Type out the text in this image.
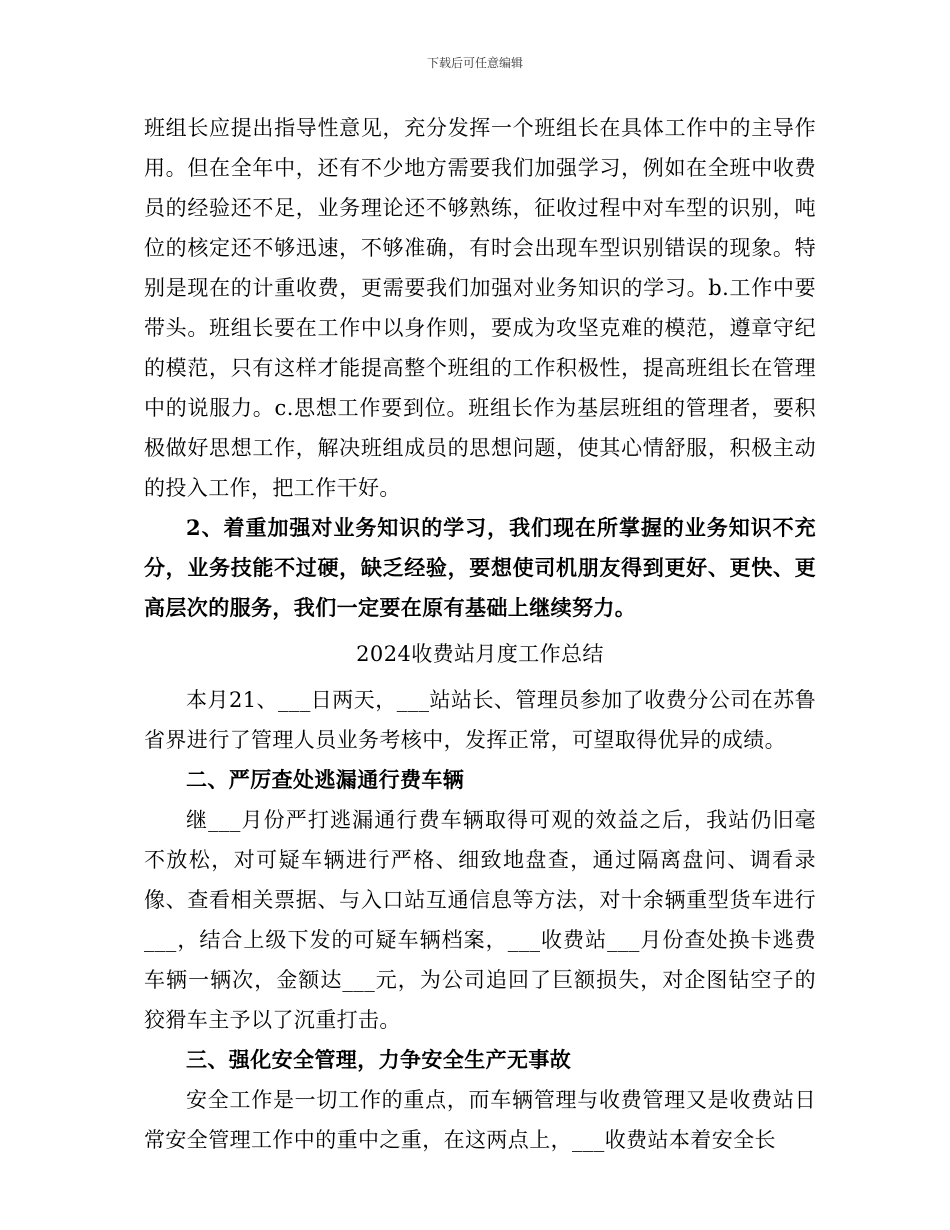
下载后可任意编辑

班组长应提出指导性意见，充分发挥一个班组长在具体工作中的主导作用。但在全年中，还有不少地方需要我们加强学习，例如在全班中收费员的经验还不足，业务理论还不够熟练，征收过程中对车型的识别，吨位的核定还不够迅速，不够准确，有时会出现车型识别错误的现象。特别是现在的计重收费，更需要我们加强对业务知识的学习。b.工作中要带头。班组长要在工作中以身作则，要成为攻坚克难的模范，遵章守纪的模范，只有这样才能提高整个班组的工作积极性，提高班组长在管理中的说服力。c.思想工作要到位。班组长作为基层班组的管理者，要积极做好思想工作，解决班组成员的思想问题，使其心情舒服，积极主动的投入工作，把工作干好。

2、着重加强对业务知识的学习，我们现在所掌握的业务知识不充分，业务技能不过硬，缺乏经验，要想使司机朋友得到更好、更快、更高层次的服务，我们一定要在原有基础上继续努力。

2024收费站月度工作总结

本月21、___日两天，___站站长、管理员参加了收费分公司在苏鲁省界进行了管理人员业务考核中，发挥正常，可望取得优异的成绩。

二、严厉查处逃漏通行费车辆

继___月份严打逃漏通行费车辆取得可观的效益之后，我站仍旧毫不放松，对可疑车辆进行严格、细致地盘查，通过隔离盘问、调看录像、查看相关票据、与入口站互通信息等方法，对十余辆重型货车进行___，结合上级下发的可疑车辆档案，___收费站___月份查处换卡逃费车辆一辆次，金额达___元，为公司追回了巨额损失，对企图钻空子的狡猾车主予以了沉重打击。

三、强化安全管理，力争安全生产无事故

安全工作是一切工作的重点，而车辆管理与收费管理又是收费站日常安全管理工作中的重中之重，在这两点上，___收费站本着安全长
